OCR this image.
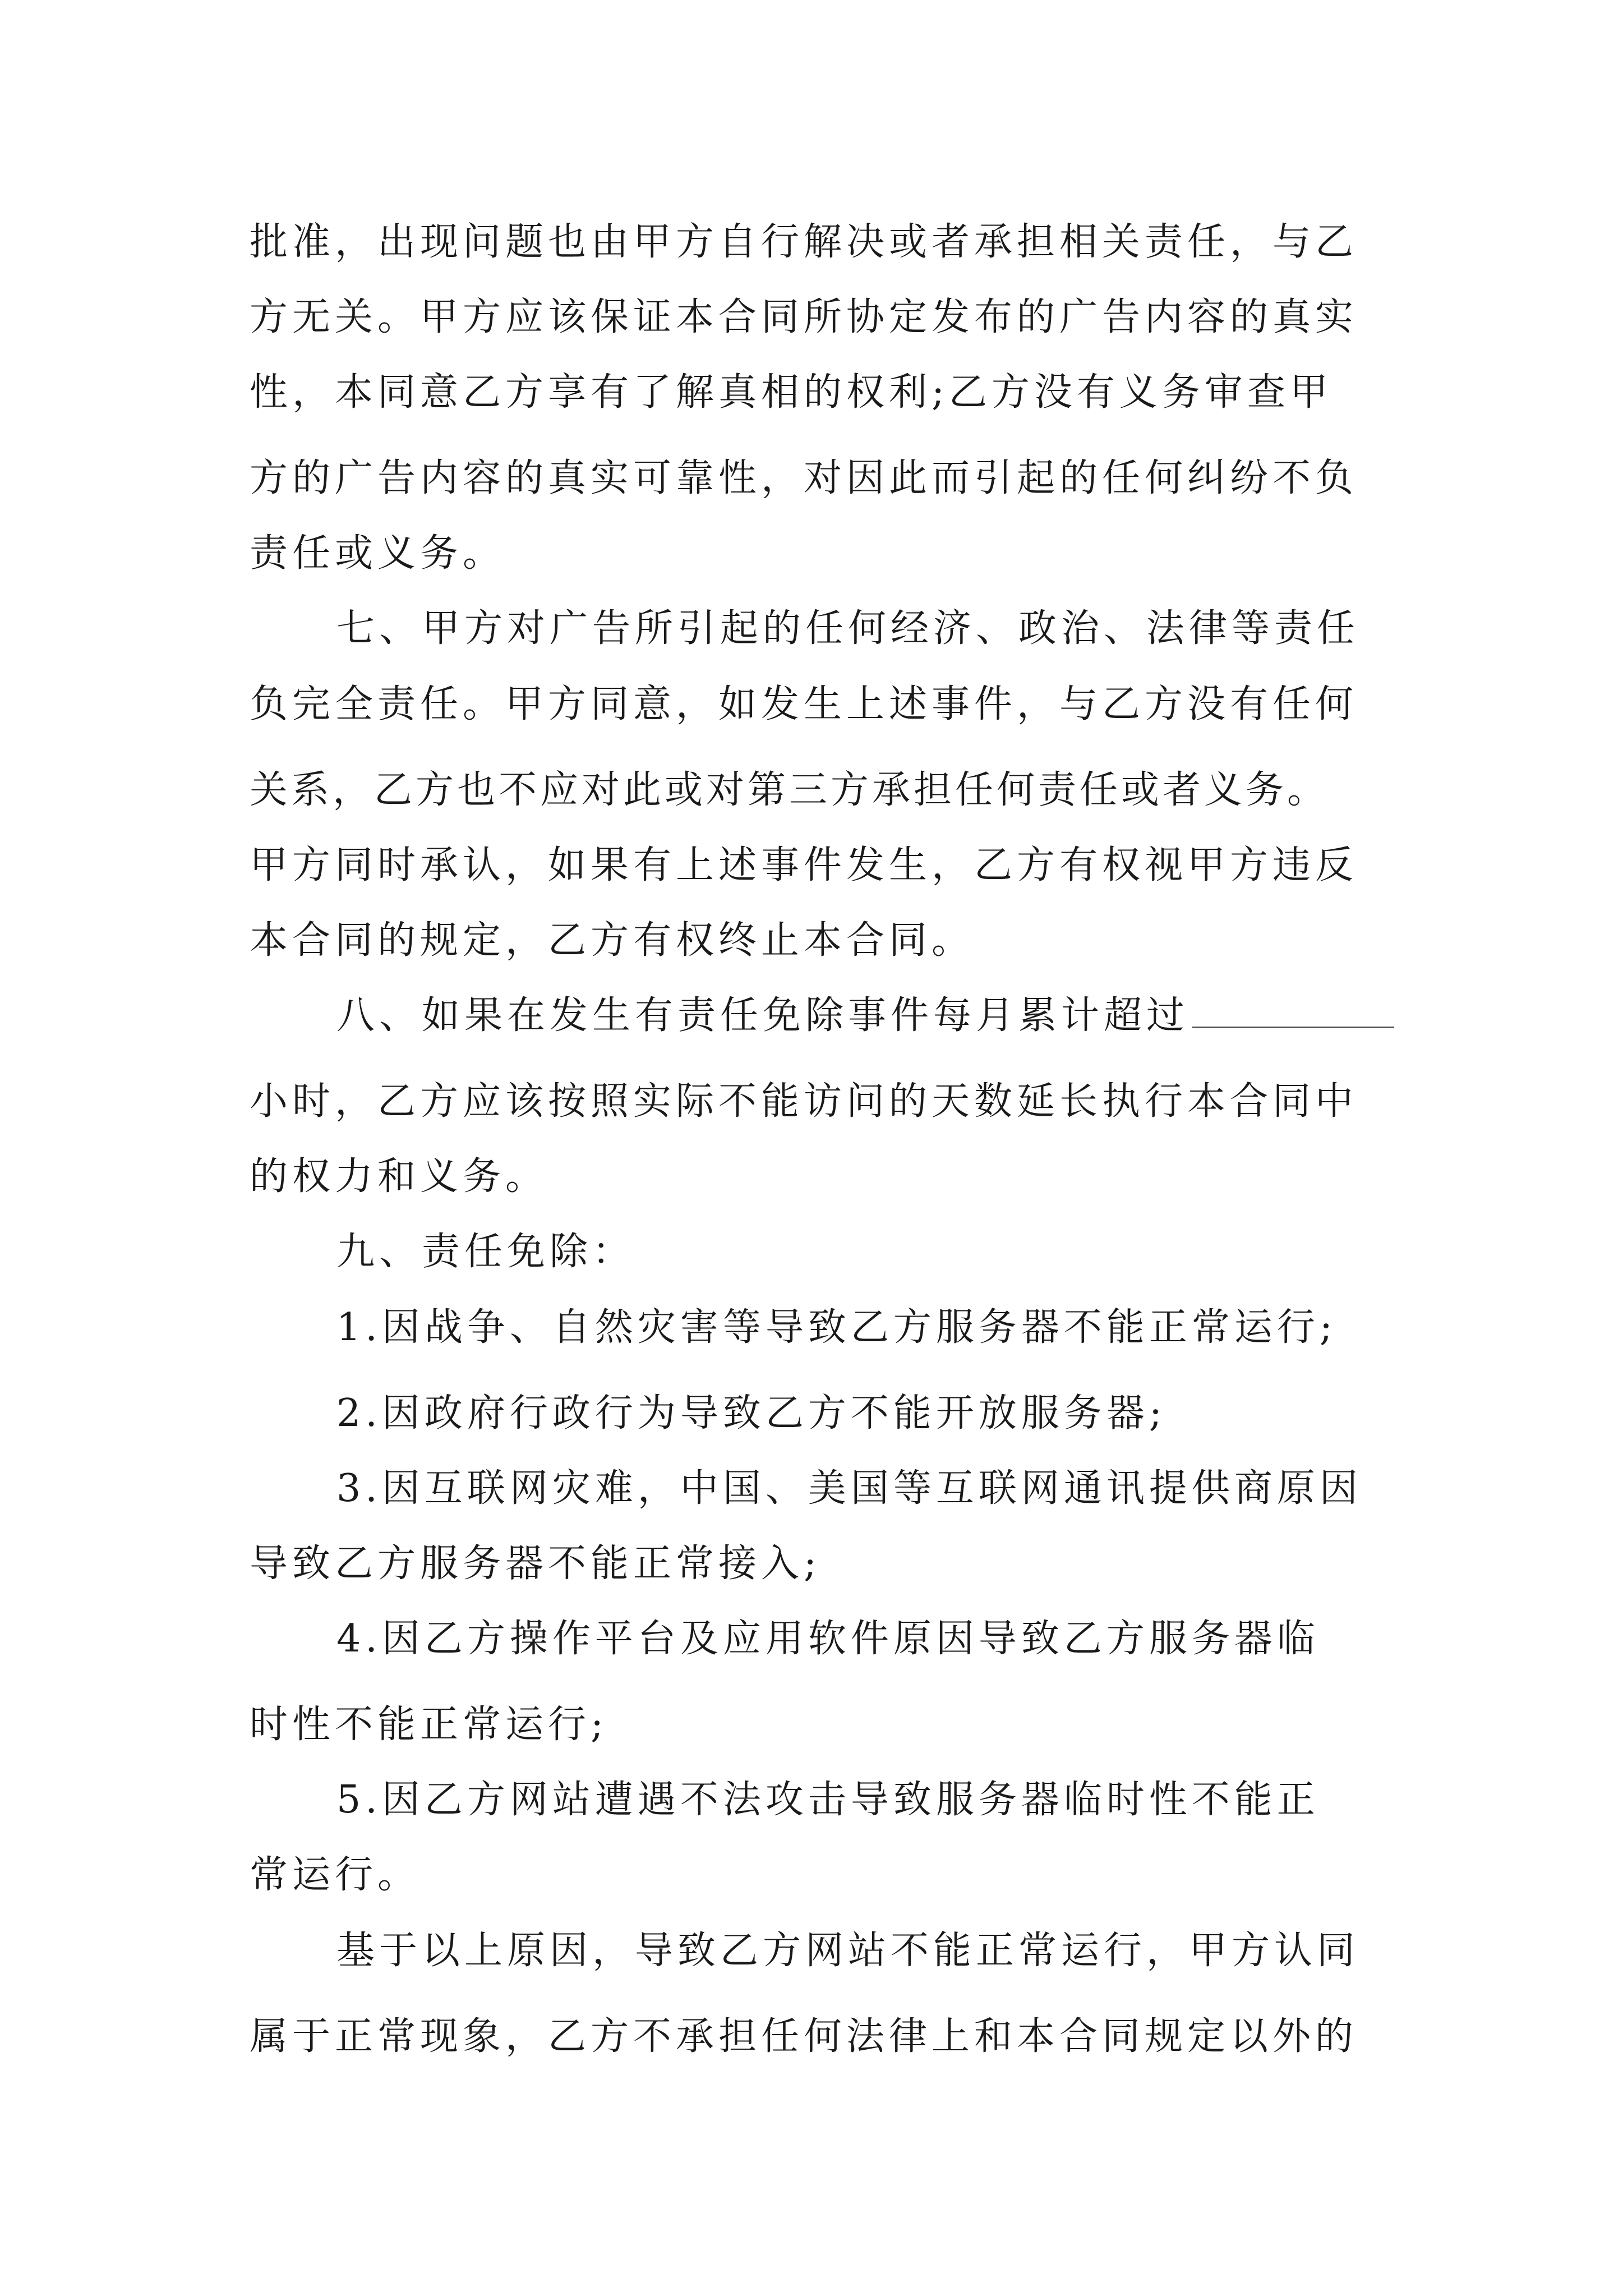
批准，出现问题也由甲方自行解决或者承担相关责任，与乙
方无关。甲方应该保证本合同所协定发布的广告内容的真实
性，本同意乙方享有了解真相的权利;乙方没有义务审查甲
方的广告内容的真实可靠性，对因此而引起的任何纠纷不负
责任或义务。
七、甲方对广告所引起的任何经济、政治、法律等责任
负完全责任。甲方同意，如发生上述事件，与乙方没有任何
关系，乙方也不应对此或对第三方承担任何责任或者义务。
甲方同时承认，如果有上述事件发生，乙方有权视甲方违反
本合同的规定，乙方有权终止本合同。
八、如果在发生有责任免除事件每月累计超过
小时，乙方应该按照实际不能访问的天数延长执行本合同中
的权力和义务。
九、责任免除：
1.因战争、自然灾害等导致乙方服务器不能正常运行;
2.因政府行政行为导致乙方不能开放服务器;
3.因互联网灾难，中国、美国等互联网通讯提供商原因
导致乙方服务器不能正常接入;
4.因乙方操作平台及应用软件原因导致乙方服务器临
时性不能正常运行;
5.因乙方网站遭遇不法攻击导致服务器临时性不能正
常运行。
基于以上原因，导致乙方网站不能正常运行，甲方认同
属于正常现象，乙方不承担任何法律上和本合同规定以外的
